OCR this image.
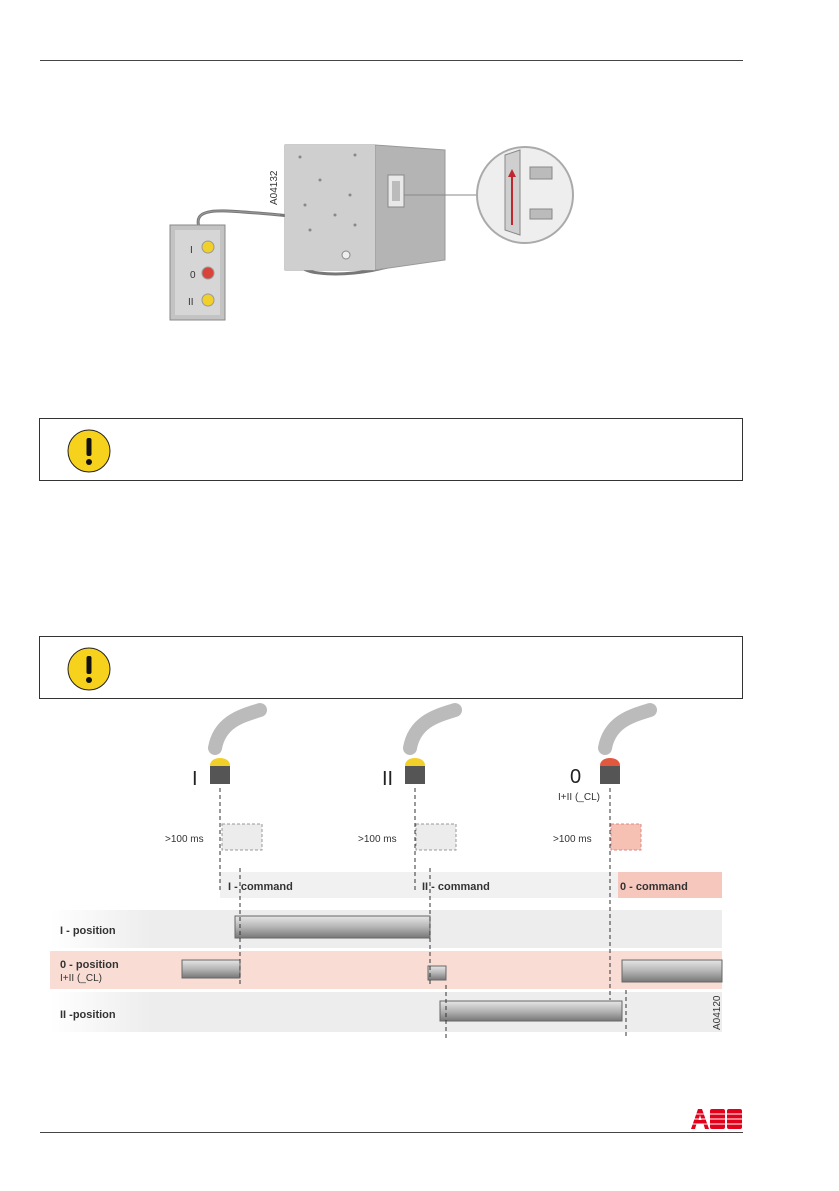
A04132
I
0
II
I - position
0 - position
I+II (_CL)
II -position
I - command	II - command	0 - command
I	II	0
I+II (_CL)
>100 ms	>100 ms	>100 ms
A04120
